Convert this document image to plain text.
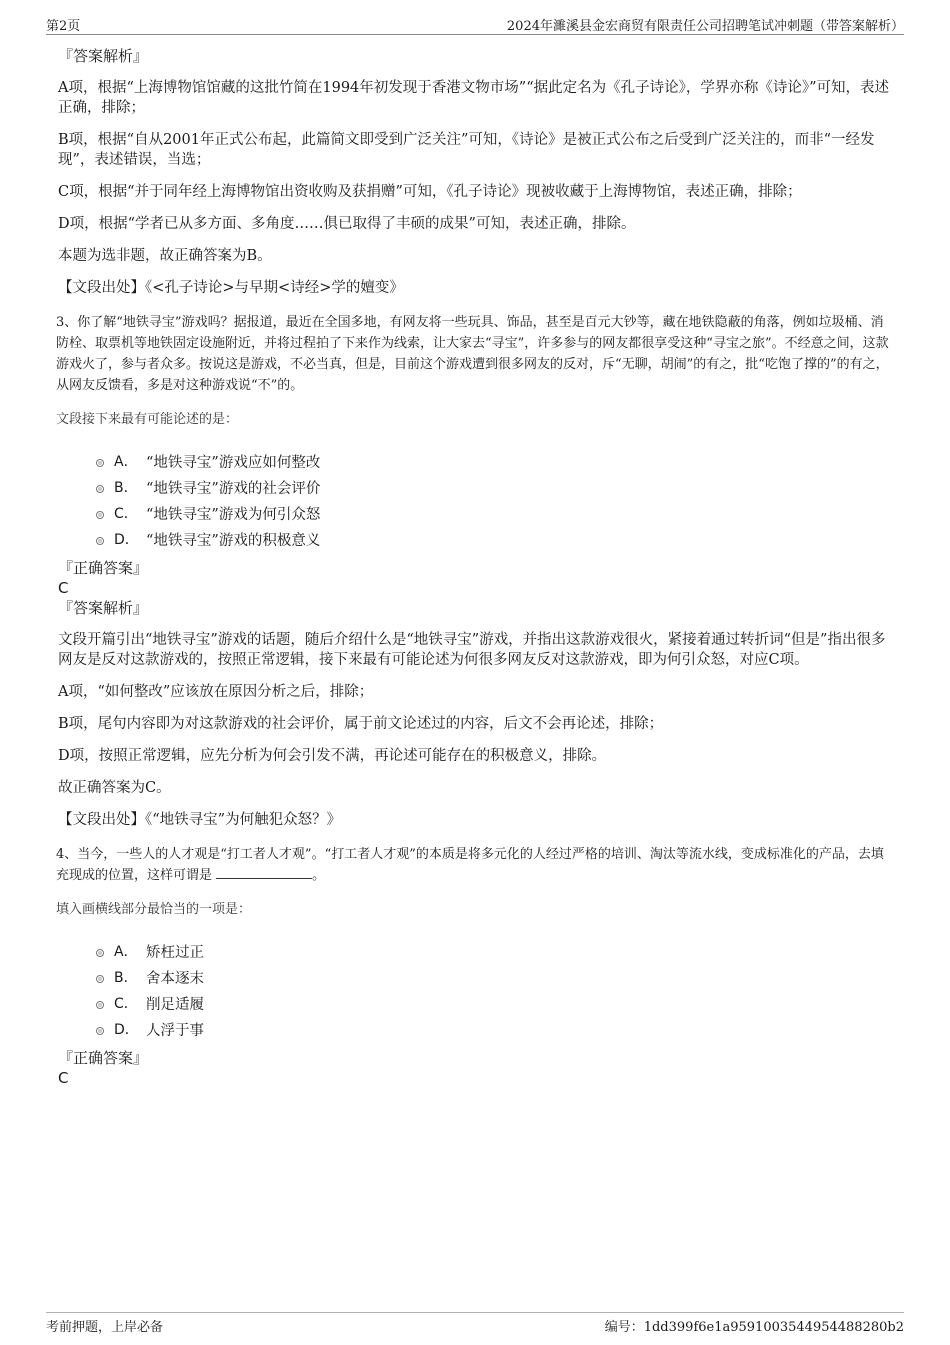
第2页	2024年濉溪县金宏商贸有限责任公司招聘笔试冲刺题（带答案解析）
『答案解析』
A项，根据“上海博物馆馆藏的这批竹简在1994年初发现于香港文物市场”“据此定名为《孔子诗论》，学界亦称《诗论》”可知，表述正确，排除；
B项，根据“自从2001年正式公布起，此篇简文即受到广泛关注”可知，《诗论》是被正式公布之后受到广泛关注的，而非“一经发现”，表述错误，当选；
C项，根据“并于同年经上海博物馆出资收购及获捐赠”可知，《孔子诗论》现被收藏于上海博物馆，表述正确，排除；
D项，根据“学者已从多方面、多角度……俱已取得了丰硕的成果”可知，表述正确，排除。
本题为选非题，故正确答案为B。
【文段出处】《<孔子诗论>与早期<诗经>学的嬗变》
3、你了解“地铁寻宝”游戏吗？据报道，最近在全国多地，有网友将一些玩具、饰品，甚至是百元大钞等，藏在地铁隐蔽的角落，例如垃圾桶、消防栓、取票机等地铁固定设施附近，并将过程拍了下来作为线索，让大家去“寻宝”，许多参与的网友都很享受这种“寻宝之旅”。不经意之间，这款游戏火了，参与者众多。按说这是游戏，不必当真，但是，目前这个游戏遭到很多网友的反对，斥“无聊，胡闹”的有之，批“吃饱了撑的”的有之，从网友反馈看，多是对这种游戏说“不”的。
文段接下来最有可能论述的是：
A． “地铁寻宝”游戏应如何整改
B． “地铁寻宝”游戏的社会评价
C． “地铁寻宝”游戏为何引众怒
D． “地铁寻宝”游戏的积极意义
『正确答案』
C
『答案解析』
文段开篇引出“地铁寻宝”游戏的话题，随后介绍什么是“地铁寻宝”游戏，并指出这款游戏很火，紧接着通过转折词“但是”指出很多网友是反对这款游戏的，按照正常逻辑，接下来最有可能论述为何很多网友反对这款游戏，即为何引众怒，对应C项。
A项，“如何整改”应该放在原因分析之后，排除；
B项，尾句内容即为对这款游戏的社会评价，属于前文论述过的内容，后文不会再论述，排除；
D项，按照正常逻辑，应先分析为何会引发不满，再论述可能存在的积极意义，排除。
故正确答案为C。
【文段出处】《“地铁寻宝”为何触犯众怒？》
4、当今，一些人的人才观是“打工者人才观”。“打工者人才观”的本质是将多元化的人经过严格的培训、淘汰等流水线，变成标准化的产品，去填充现成的位置，这样可谓是	。
填入画横线部分最恰当的一项是：
A． 矫枉过正
B． 舍本逐末
C． 削足适履
D． 人浮于事
『正确答案』
C
考前押题，上岸必备	编号：1dd399f6e1a9591003544954488280b2
